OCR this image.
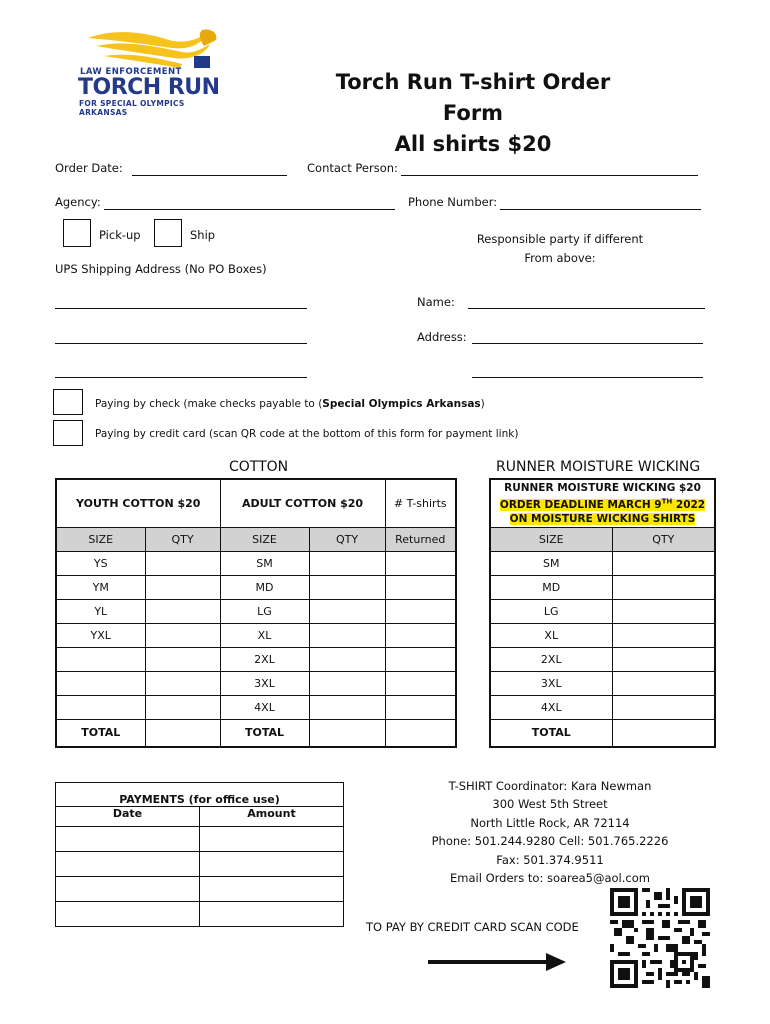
LAW ENFORCEMENT
TORCH RUN
FOR SPECIAL OLYMPICS
ARKANSAS
Torch Run T-shirt Order Form
All shirts $20
Order Date:	Contact Person:
Agency:	Phone Number:
Pick-up	Ship	Responsible party if different
From above:
UPS Shipping Address (No PO Boxes)
Name:
Address:
Paying by check (make checks payable to (Special Olympics Arkansas)
Paying by credit card (scan QR code at the bottom of this form for payment link)
COTTON
YOUTH COTTON $20		ADULT COTTON $20		# T-shirts
SIZE	QTY	SIZE	QTY	Returned
YS		SM		
YM		MD		
YL		LG		
YXL		XL		
		2XL		
		3XL		
		4XL		
TOTAL		TOTAL		
RUNNER MOISTURE WICKING
RUNNER MOISTURE WICKING $20
ORDER DEADLINE MARCH 9TH 2022
ON MOISTURE WICKING SHIRTS	

SIZE	QTY
SM	
MD	
LG	
XL	
2XL	
3XL	
4XL	
TOTAL	
PAYMENTS (for office use)	
Date	Amount

T-SHIRT Coordinator: Kara Newman
300 West 5th Street
North Little Rock, AR 72114
Phone: 501.244.9280 Cell: 501.765.2226
Fax: 501.374.9511
Email Orders to: soarea5@aol.com
TO PAY BY CREDIT CARD SCAN CODE
